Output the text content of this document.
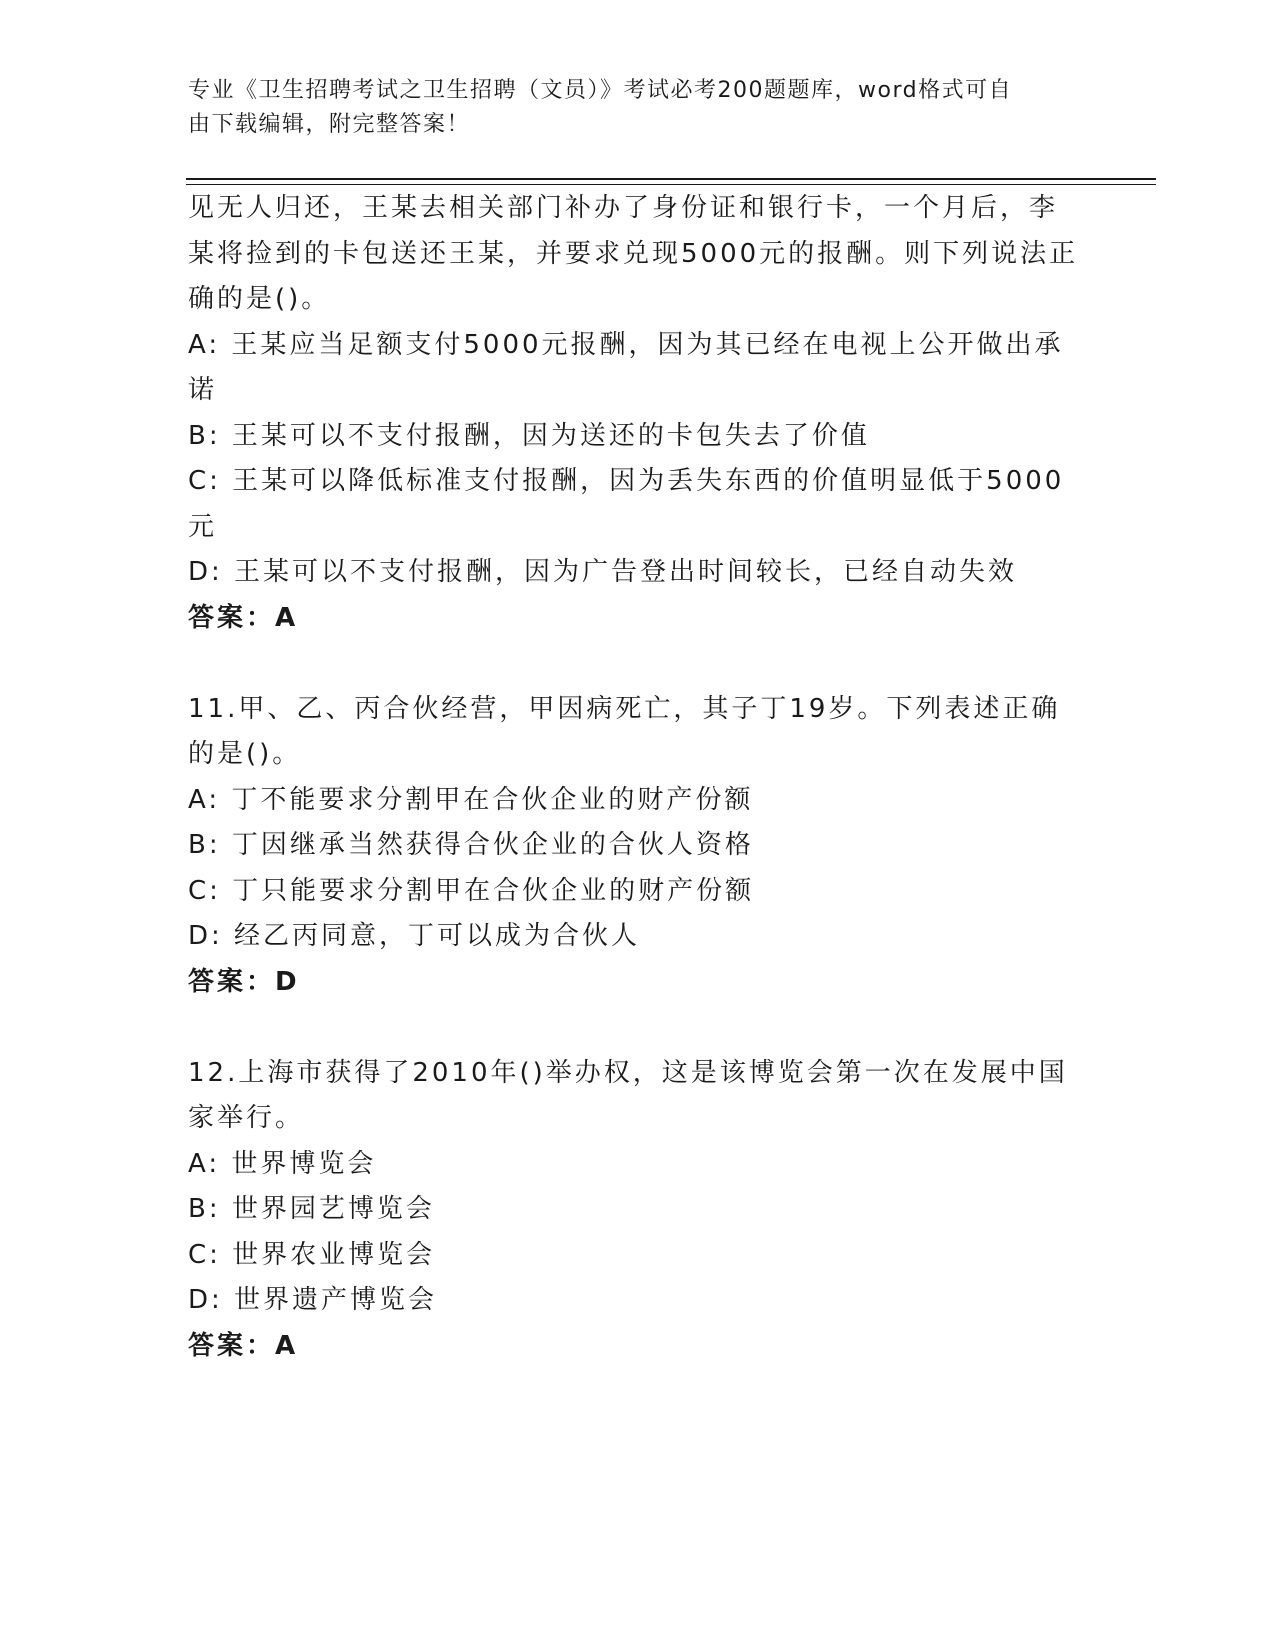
专业《卫生招聘考试之卫生招聘（文员）》考试必考200题题库，word格式可自
由下载编辑，附完整答案！
见无人归还，王某去相关部门补办了身份证和银行卡，一个月后，李
某将捡到的卡包送还王某，并要求兑现5000元的报酬。则下列说法正
确的是()。
A: 王某应当足额支付5000元报酬，因为其已经在电视上公开做出承
诺
B: 王某可以不支付报酬，因为送还的卡包失去了价值
C: 王某可以降低标准支付报酬，因为丢失东西的价值明显低于5000
元
D: 王某可以不支付报酬，因为广告登出时间较长，已经自动失效
答案：A
11.甲、乙、丙合伙经营，甲因病死亡，其子丁19岁。下列表述正确
的是()。
A: 丁不能要求分割甲在合伙企业的财产份额
B: 丁因继承当然获得合伙企业的合伙人资格
C: 丁只能要求分割甲在合伙企业的财产份额
D: 经乙丙同意，丁可以成为合伙人
答案：D
12.上海市获得了2010年()举办权，这是该博览会第一次在发展中国
家举行。
A: 世界博览会
B: 世界园艺博览会
C: 世界农业博览会
D: 世界遗产博览会
答案：A
